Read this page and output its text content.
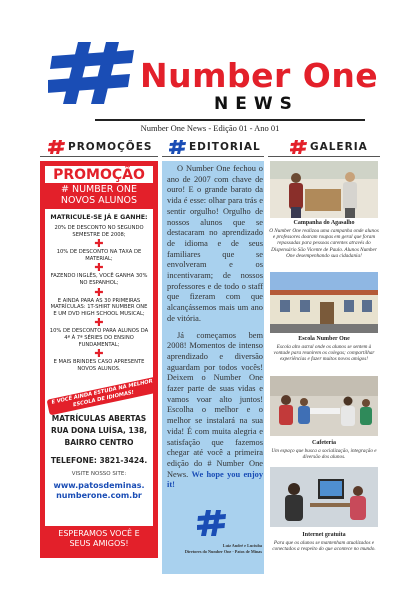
Number One
NEWS
Number One News - Edição 01 - Ano 01
PROMOÇÕES	EDITORIAL	GALERIA
PROMOÇÃO
# NUMBER ONE
NOVOS ALUNOS
MATRICULE-SE JÁ E GANHE:
20% DE DESCONTO NO SEGUNDO SEMESTRE DE 2008;
✚
10% DE DESCONTO NA TAXA DE MATERIAL;
✚
FAZENDO INGLÊS, VOCÊ GANHA 30% NO ESPANHOL;
✚
E AINDA PARA AS 30 PRIMEIRAS MATRÍCULAS: 1T-SHIRT NUMBER ONE E UM DVD HIGH SCHOOL MUSICAL;
✚
10% DE DESCONTO PARA ALUNOS DA 4ª À 7ª SÉRIES DO ENSINO FUNDAMENTAL;
✚
E MAIS BRINDES CASO APRESENTE NOVOS ALUNOS.
E VOCÊ AINDA ESTUDA NA MELHOR ESCOLA DE IDIOMAS!
MATRÍCULAS ABERTAS
RUA DONA LUÍSA, 138,
BAIRRO CENTRO
TELEFONE: 3821-3424.
VISITE NOSSO SITE:
www.patosdeminas.
numberone.com.br
ESPERAMOS VOCÊ E
SEUS AMIGOS!

O Number One fechou o ano de 2007 com chave de ouro! E o grande barato da vida é esse: olhar para trás e sentir orgulho! Orgulho de nossos alunos que se destacaram no aprendizado de idioma e de seus familiares que se envolveram e os incentivaram; de nossos professores e de todo o staff que fizeram com que alcançássemos mais um ano de vitória.

Já começamos bem 2008! Momentos de intenso aprendizado e diversão aguardam por todos vocês! Deixem o Number One fazer parte de suas vidas e vamos voar alto juntos! Escolha o melhor e o melhor se instalará na sua vida! É com muita alegria e satisfação que fazemos chegar até você a primeira edição do # Number One News. We hope you enjoy it!

Luiz André e Luciuba
Diretores do Number One - Patos de Minas
Campanha do Agasalho
O Number One realizou uma campanha onde alunos e professores doaram roupas em geral que foram repassadas para pessoas carentes através do Dispensário São Vicente de Paulo. Alunos Number One desempenhando sua cidadania!
Escola Number One
Escola alto astral onde os alunos se sentem à vontade para reunirem os colegas; compartilhar experiências e fazer muitos novos amigos!
Cafeteria
Um espaço que busca a socialização, integração e diversão dos alunos.
Internet gratuita
Para que os alunos se mantenham atualizados e conectados a respeito do que acontece no mundo.
